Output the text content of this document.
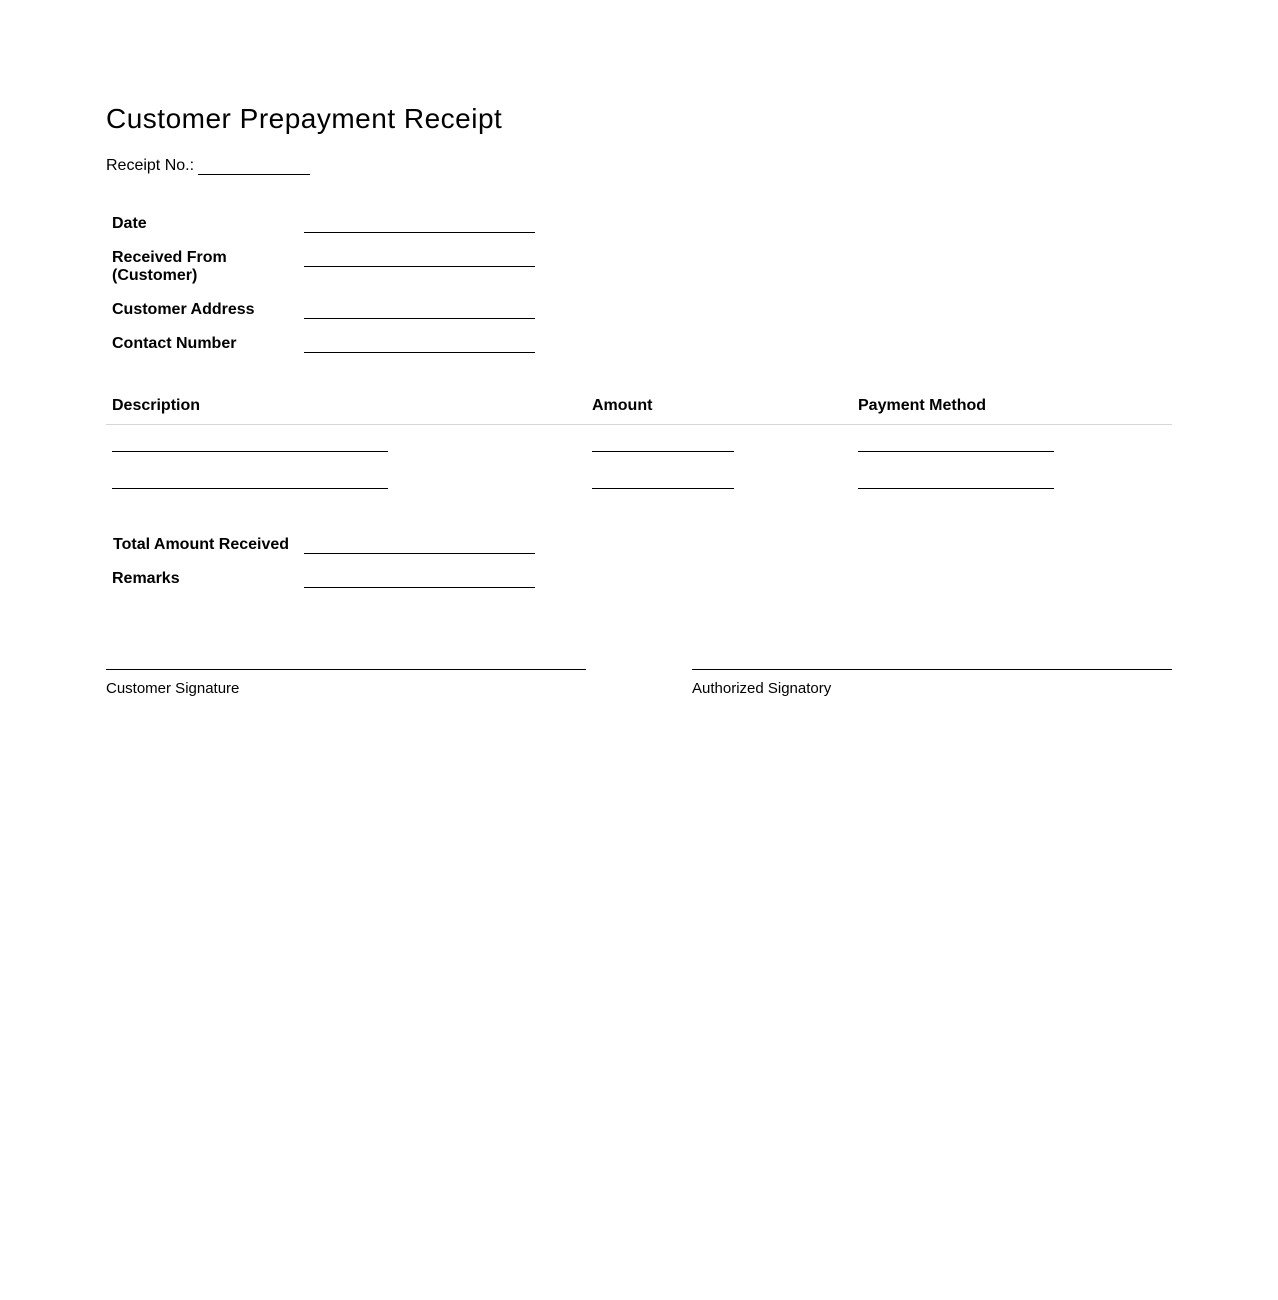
Customer Prepayment Receipt
Receipt No.:
Date
Received From
(Customer)
Customer Address
Contact Number
Description	Amount	Payment Method
Total Amount Received
Remarks
Customer Signature	Authorized Signatory
